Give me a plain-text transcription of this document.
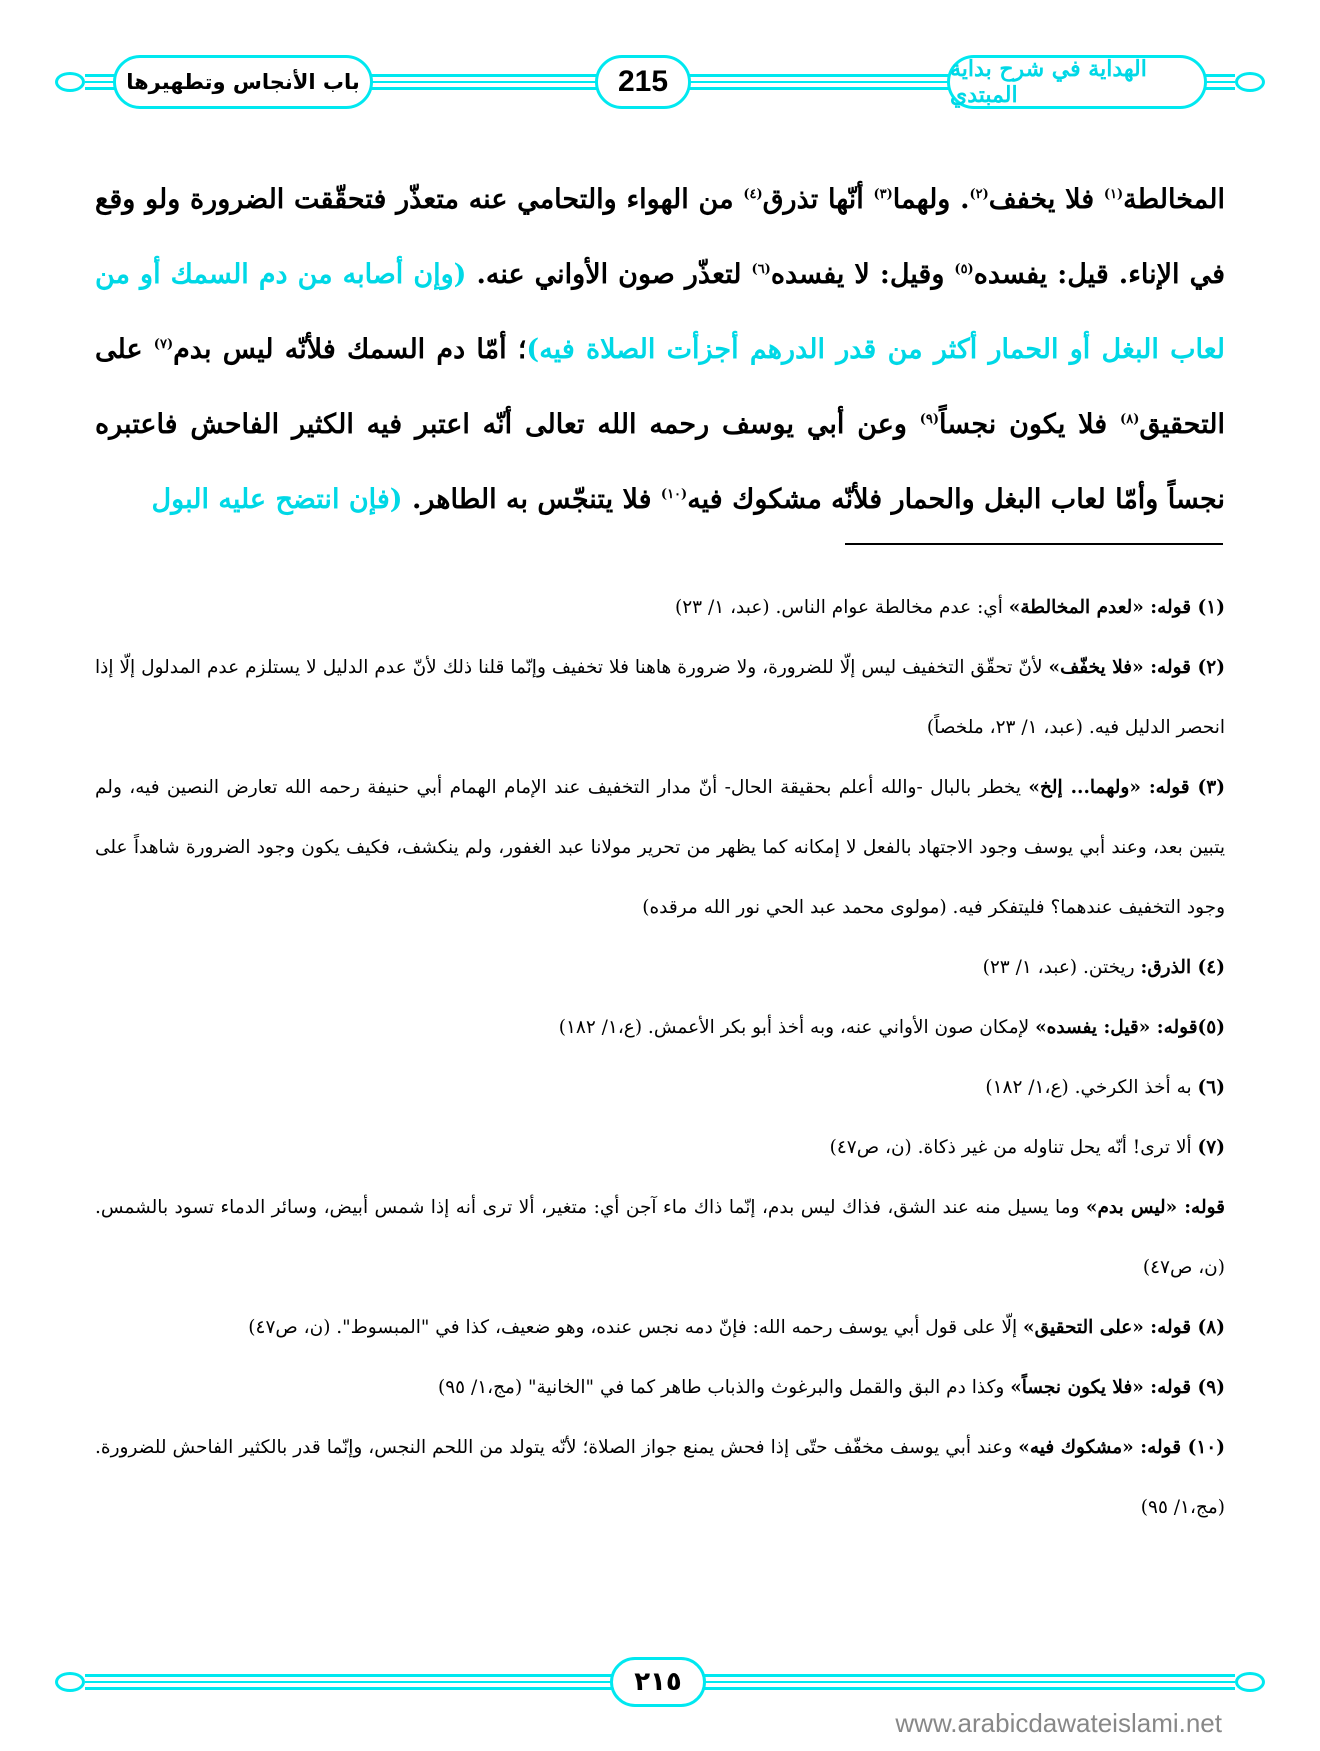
باب الأنجاس وتطهيرها	215	الهداية في شرح بداية المبتدي

المخالطة$^{(١)}$ فلا يخفف$^{(٢)}$. ولهما$^{(٣)}$ أنّها تذرق$^{(٤)}$ من الهواء والتحامي عنه متعذّر فتحقّقت الضرورة ولو وقع في الإناء. قيل: يفسده$^{(٥)}$ وقيل: لا يفسده$^{(٦)}$ لتعذّر صون الأواني عنه. (وإن أصابه من دم السمك أو من لعاب البغل أو الحمار أكثر من قدر الدرهم أجزأت الصلاة فيه)؛ أمّا دم السمك فلأنّه ليس بدم$^{(٧)}$ على التحقيق$^{(٨)}$ فلا يكون نجساً$^{(٩)}$ وعن أبي يوسف رحمه الله تعالى أنّه اعتبر فيه الكثير الفاحش فاعتبره نجساً وأمّا لعاب البغل والحمار فلأنّه مشكوك فيه$^{(١٠)}$ فلا يتنجّس به الطاهر. (فإن انتضح عليه البول

(١) قوله: «لعدم المخالطة» أي: عدم مخالطة عوام الناس. (عبد، ١/ ٢٣)

(٢) قوله: «فلا يخفّف» لأنّ تحقّق التخفيف ليس إلّا للضرورة، ولا ضرورة هاهنا فلا تخفيف وإنّما قلنا ذلك لأنّ عدم الدليل لا يستلزم عدم المدلول إلّا إذا انحصر الدليل فيه. (عبد، ١/ ٢٣، ملخصاً)

(٣) قوله: «ولهما... إلخ» يخطر بالبال -والله أعلم بحقيقة الحال- أنّ مدار التخفيف عند الإمام الهمام أبي حنيفة رحمه الله تعارض النصين فيه، ولم يتبين بعد، وعند أبي يوسف وجود الاجتهاد بالفعل لا إمكانه كما يظهر من تحرير مولانا عبد الغفور، ولم ينكشف، فكيف يكون وجود الضرورة شاهداً على وجود التخفيف عندهما؟ فليتفكر فيه. (مولوى محمد عبد الحي نور الله مرقده)

(٤) الذرق: ريختن. (عبد، ١/ ٢٣)

(٥)قوله: «قيل: يفسده» لإمكان صون الأواني عنه، وبه أخذ أبو بكر الأعمش. (ع،١/ ١٨٢)

(٦) به أخذ الكرخي. (ع،١/ ١٨٢)

(٧) ألا ترى! أنّه يحل تناوله من غير ذكاة. (ن، ص٤٧)

قوله: «ليس بدم» وما يسيل منه عند الشق، فذاك ليس بدم، إنّما ذاك ماء آجن أي: متغير، ألا ترى أنه إذا شمس أبيض، وسائر الدماء تسود بالشمس. (ن، ص٤٧)

(٨) قوله: «على التحقيق» إلّا على قول أبي يوسف رحمه الله: فإنّ دمه نجس عنده، وهو ضعيف، كذا في "المبسوط". (ن، ص٤٧)

(٩) قوله: «فلا يكون نجساً» وكذا دم البق والقمل والبرغوث والذباب طاهر كما في "الخانية" (مج،١/ ٩٥)

(١٠) قوله: «مشكوك فيه» وعند أبي يوسف مخفّف حتّى إذا فحش يمنع جواز الصلاة؛ لأنّه يتولد من اللحم النجس، وإنّما قدر بالكثير الفاحش للضرورة. (مج،١/ ٩٥)

٢١٥
www.arabicdawateislami.net
